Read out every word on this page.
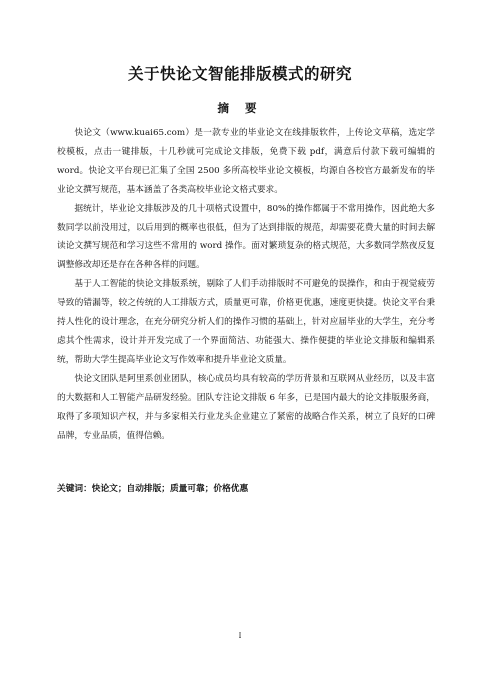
关于快论文智能排版模式的研究
摘 要

快论文（www.kuai65.com）是一款专业的毕业论文在线排版软件，上传论文草稿，选定学校模板，点击一键排版，十几秒就可完成论文排版，免费下载 pdf，满意后付款下载可编辑的 word。快论文平台现已汇集了全国 2500 多所高校毕业论文模板，均源自各校官方最新发布的毕业论文撰写规范，基本涵盖了各类高校毕业论文格式要求。

据统计，毕业论文排版涉及的几十项格式设置中，80%的操作都属于不常用操作，因此绝大多数同学以前没用过，以后用到的概率也很低，但为了达到排版的规范，却需要花费大量的时间去解读论文撰写规范和学习这些不常用的 word 操作。面对繁琐复杂的格式规范，大多数同学熬夜反复调整修改却还是存在各种各样的问题。

基于人工智能的快论文排版系统，剔除了人们手动排版时不可避免的误操作，和由于视觉疲劳导致的错漏等，较之传统的人工排版方式，质量更可靠，价格更优惠，速度更快捷。快论文平台秉持人性化的设计理念，在充分研究分析人们的操作习惯的基础上，针对应届毕业的大学生，充分考虑其个性需求，设计并开发完成了一个界面简洁、功能强大、操作便捷的毕业论文排版和编辑系统，帮助大学生提高毕业论文写作效率和提升毕业论文质量。

快论文团队是阿里系创业团队，核心成员均具有较高的学历背景和互联网从业经历，以及丰富的大数据和人工智能产品研发经验。团队专注论文排版 6 年多，已是国内最大的论文排版服务商，取得了多项知识产权，并与多家相关行业龙头企业建立了紧密的战略合作关系，树立了良好的口碑品牌，专业品质，值得信赖。

关键词：快论文；自动排版；质量可靠；价格优惠
I
